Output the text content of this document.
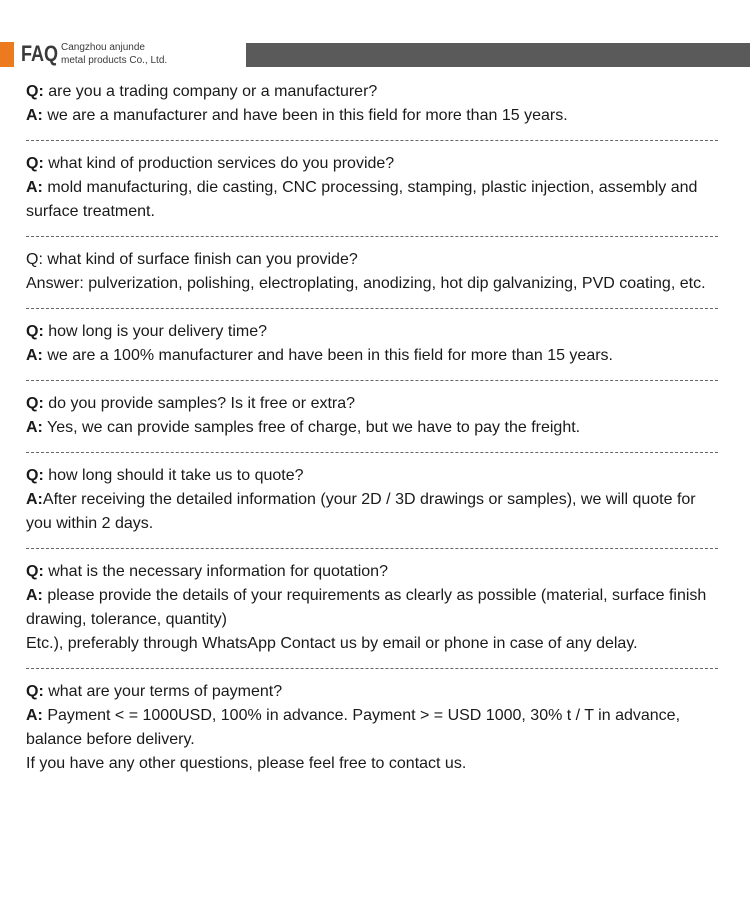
FAQ Cangzhou anjunde
metal products Co., Ltd.
Q: are you a trading company or a manufacturer?
A: we are a manufacturer and have been in this field for more than 15 years.
Q: what kind of production services do you provide?
A: mold manufacturing, die casting, CNC processing, stamping, plastic injection, assembly and surface treatment.
Q: what kind of surface finish can you provide?
Answer: pulverization, polishing, electroplating, anodizing, hot dip galvanizing, PVD coating, etc.
Q: how long is your delivery time?
A: we are a 100% manufacturer and have been in this field for more than 15 years.
Q: do you provide samples? Is it free or extra?
A: Yes, we can provide samples free of charge, but we have to pay the freight.
Q: how long should it take us to quote?
A:After receiving the detailed information (your 2D / 3D drawings or samples), we will quote for you within 2 days.
Q: what is the necessary information for quotation?
A: please provide the details of your requirements as clearly as possible (material, surface finish drawing, tolerance, quantity)
Etc.), preferably through WhatsApp Contact us by email or phone in case of any delay.
Q: what are your terms of payment?
A: Payment < = 1000USD, 100% in advance. Payment > = USD 1000, 30% t / T in advance, balance before delivery.
If you have any other questions, please feel free to contact us.
